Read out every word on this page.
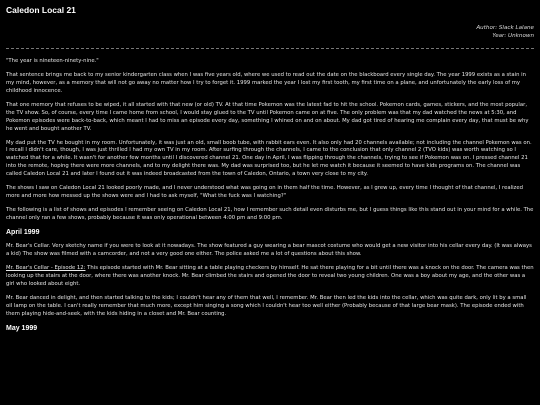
Caledon Local 21
Author: Slack Lalane
Year: Unknown

"The year is nineteen-ninety-nine."

That sentence brings me back to my senior kindergarten class when I was five years old, where we used to read out the date on the blackboard every single day. The year 1999 exists as a stain in my mind, however, as a memory that will not go away no matter how I try to forget it. 1999 marked the year I lost my first tooth, my first time on a plane, and unfortunately the early loss of my childhood innocence.

That one memory that refuses to be wiped, it all started with that new (or old) TV. At that time Pokemon was the latest fad to hit the school. Pokemon cards, games, stickers, and the most popular, the TV show. So, of course, every time I came home from school, I would stay glued to the TV until Pokemon came on at five. The only problem was that my dad watched the news at 5:30, and Pokemon episodes were back-to-back, which meant I had to miss an episode every day, something I whined on and on about. My dad got tired of hearing me complain every day, that must be why he went and bought another TV.

My dad put the TV he bought in my room. Unfortunately, it was just an old, small boob tube, with rabbit ears even. It also only had 20 channels available; not including the channel Pokemon was on. I recall I didn't care, though, I was just thrilled I had my own TV in my room. After surfing through the channels, I came to the conclusion that only channel 2 (TVO kids) was worth watching so I watched that for a while. It wasn't for another few months until I discovered channel 21. One day in April, I was flipping through the channels, trying to see if Pokemon was on. I pressed channel 21 into the remote, hoping there were more channels, and to my delight there was. My dad was surprised too, but he let me watch it because it seemed to have kids programs on. The channel was called Caledon Local 21 and later I found out it was indeed broadcasted from the town of Caledon, Ontario, a town very close to my city.

The shows I saw on Caledon Local 21 looked poorly made, and I never understood what was going on in them half the time. However, as I grew up, every time I thought of that channel, I realized more and more how messed up the shows were and I had to ask myself, "What the fuck was I watching?"

The following is a list of shows and episodes I remember seeing on Caledon Local 21, how I remember such detail even disturbs me, but I guess things like this stand out in your mind for a while. The channel only ran a few shows, probably because it was only operational between 4:00 pm and 9:00 pm.

April 1999

Mr. Bear's Cellar. Very sketchy name if you were to look at it nowadays. The show featured a guy wearing a bear mascot costume who would get a new visitor into his cellar every day. (It was always a kid) The show was filmed with a camcorder, and not a very good one either. The police asked me a lot of questions about this show.

Mr. Bear's Cellar - Episode 12: This episode started with Mr. Bear sitting at a table playing checkers by himself. He sat there playing for a bit until there was a knock on the door. The camera was then looking up the stairs at the door, where there was another knock. Mr. Bear climbed the stairs and opened the door to reveal two young children. One was a boy about my age, and the other was a girl who looked about eight.

Mr. Bear danced in delight, and then started talking to the kids; I couldn't hear any of them that well, I remember. Mr. Bear then led the kids into the cellar, which was quite dark, only lit by a small oil lamp on the table. I can't really remember that much more, except him singing a song which I couldn't hear too well either (Probably because of that large bear mask). The episode ended with them playing hide-and-seek, with the kids hiding in a closet and Mr. Bear counting.

May 1999
